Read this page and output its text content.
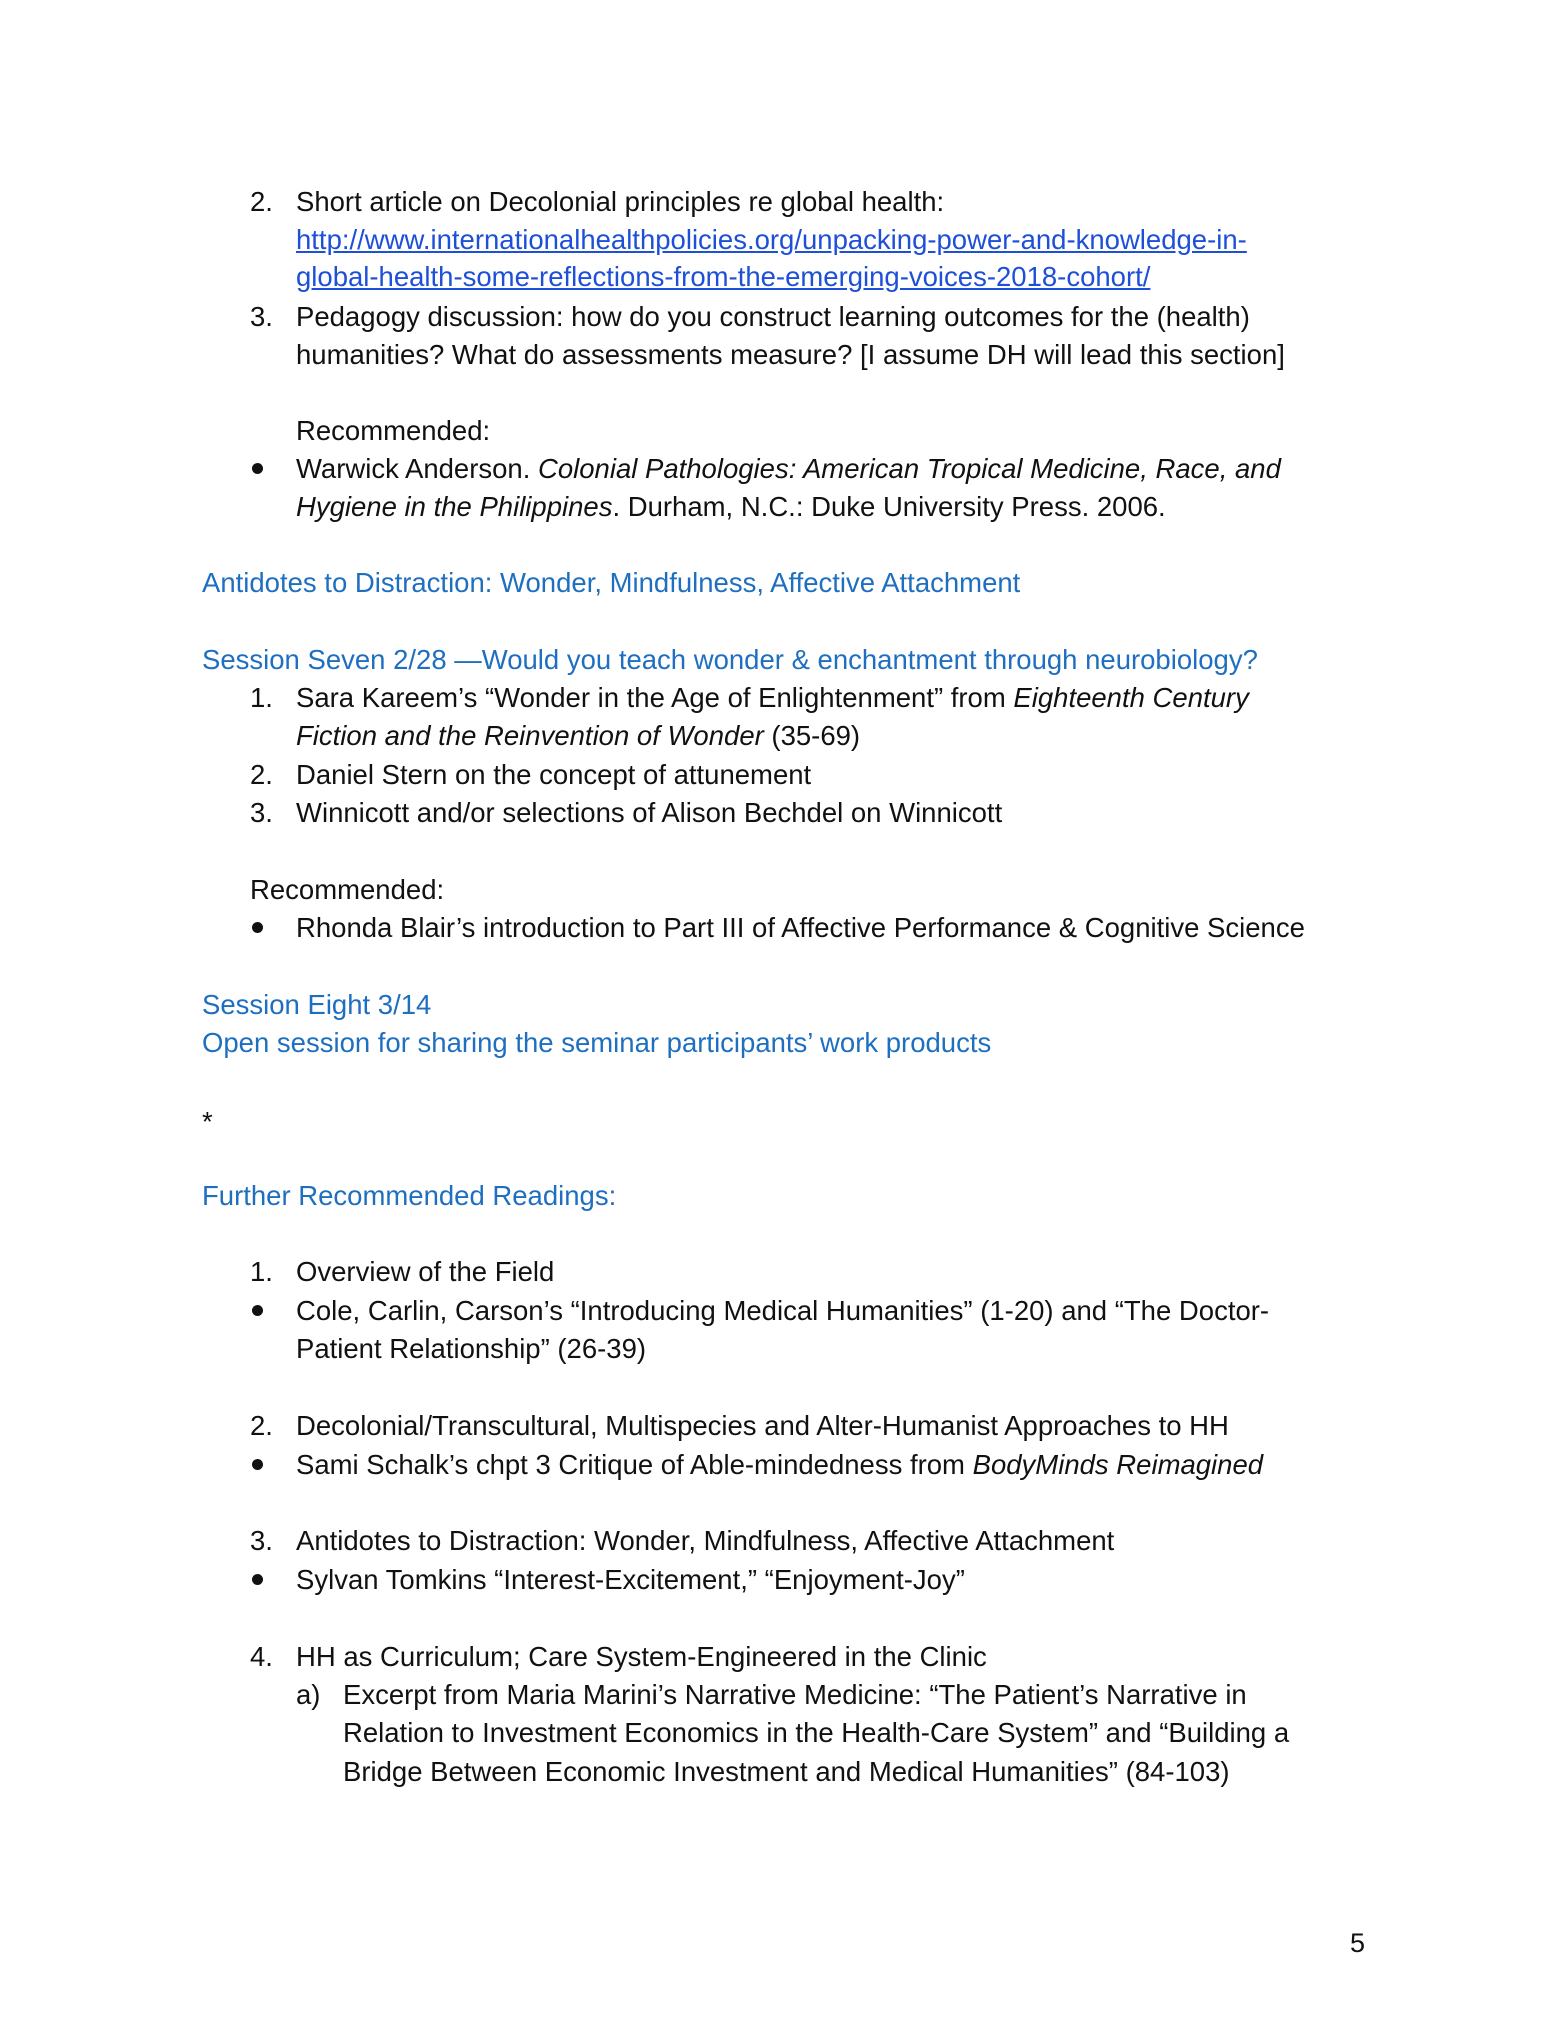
2. Short article on Decolonial principles re global health:
http://www.internationalhealthpolicies.org/unpacking-power-and-knowledge-in-
global-health-some-reflections-from-the-emerging-voices-2018-cohort/
3. Pedagogy discussion: how do you construct learning outcomes for the (health)
humanities? What do assessments measure? [I assume DH will lead this section]
Recommended:
Warwick Anderson. Colonial Pathologies: American Tropical Medicine, Race, and
Hygiene in the Philippines. Durham, N.C.: Duke University Press. 2006.
Antidotes to Distraction: Wonder, Mindfulness, Affective Attachment
Session Seven 2/28 —Would you teach wonder & enchantment through neurobiology?
1. Sara Kareem’s “Wonder in the Age of Enlightenment” from Eighteenth Century
Fiction and the Reinvention of Wonder (35-69)
2. Daniel Stern on the concept of attunement
3. Winnicott and/or selections of Alison Bechdel on Winnicott
Recommended:
Rhonda Blair’s introduction to Part III of Affective Performance & Cognitive Science
Session Eight 3/14
Open session for sharing the seminar participants’ work products
*
Further Recommended Readings:
1. Overview of the Field
Cole, Carlin, Carson’s “Introducing Medical Humanities” (1-20) and “The Doctor-
Patient Relationship” (26-39)
2. Decolonial/Transcultural, Multispecies and Alter-Humanist Approaches to HH
Sami Schalk’s chpt 3 Critique of Able-mindedness from BodyMinds Reimagined
3. Antidotes to Distraction: Wonder, Mindfulness, Affective Attachment
Sylvan Tomkins “Interest-Excitement,” “Enjoyment-Joy”
4. HH as Curriculum; Care System-Engineered in the Clinic
a) Excerpt from Maria Marini’s Narrative Medicine: “The Patient’s Narrative in
Relation to Investment Economics in the Health-Care System” and “Building a
Bridge Between Economic Investment and Medical Humanities” (84-103)
5
